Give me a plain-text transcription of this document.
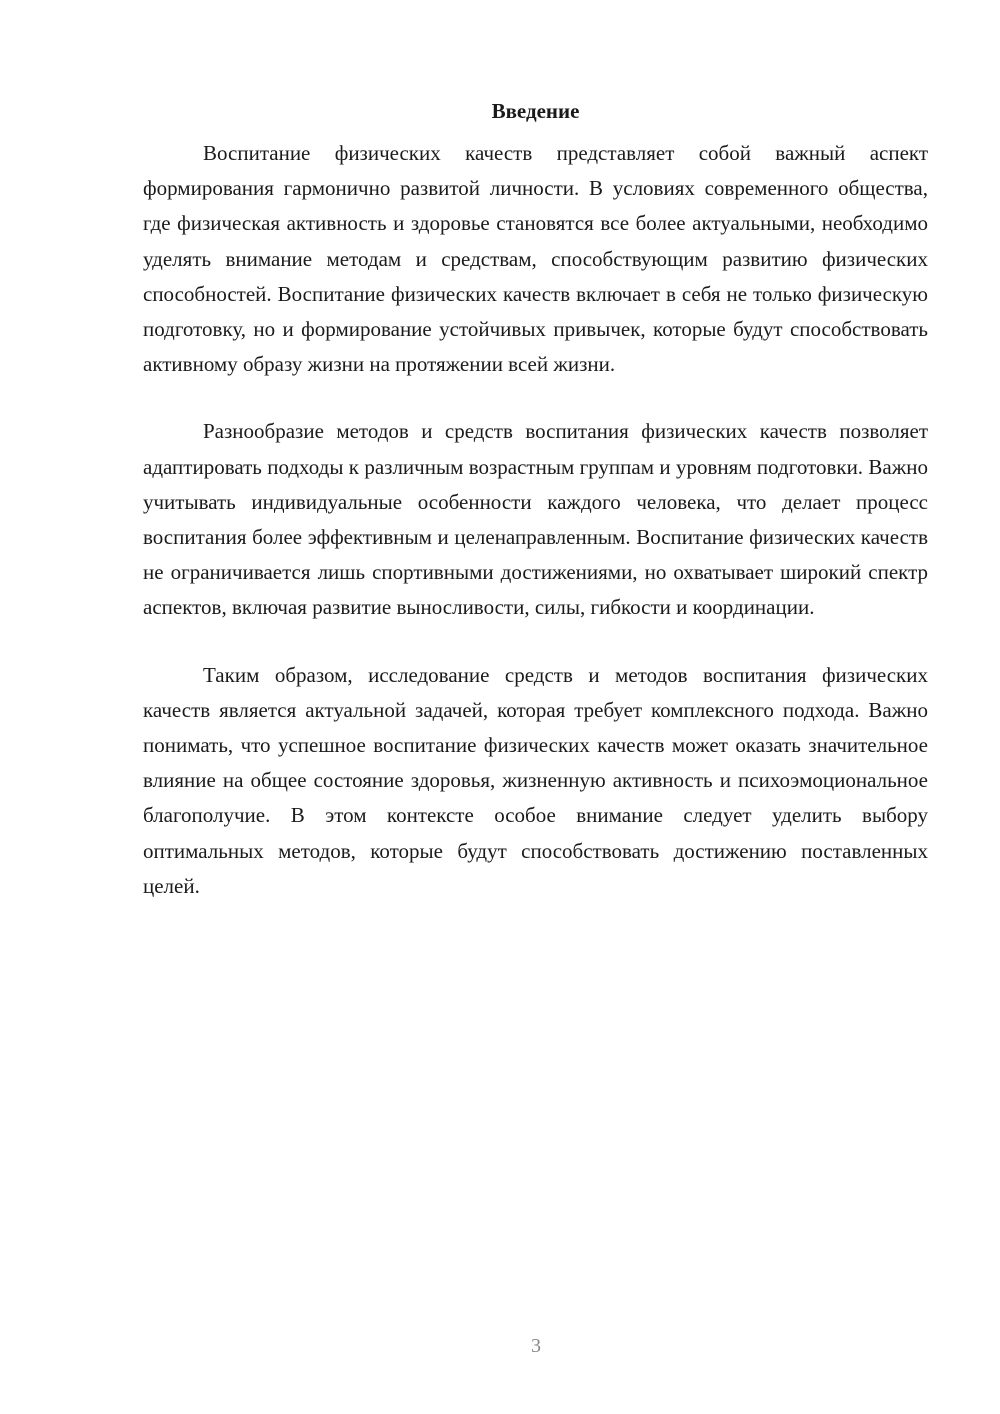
Введение

Воспитание физических качеств представляет собой важный аспект формирования гармонично развитой личности. В условиях современного общества, где физическая активность и здоровье становятся все более актуальными, необходимо уделять внимание методам и средствам, способствующим развитию физических способностей. Воспитание физических качеств включает в себя не только физическую подготовку, но и формирование устойчивых привычек, которые будут способствовать активному образу жизни на протяжении всей жизни.

Разнообразие методов и средств воспитания физических качеств позволяет адаптировать подходы к различным возрастным группам и уровням подготовки. Важно учитывать индивидуальные особенности каждого человека, что делает процесс воспитания более эффективным и целенаправленным. Воспитание физических качеств не ограничивается лишь спортивными достижениями, но охватывает широкий спектр аспектов, включая развитие выносливости, силы, гибкости и координации.

Таким образом, исследование средств и методов воспитания физических качеств является актуальной задачей, которая требует комплексного подхода. Важно понимать, что успешное воспитание физических качеств может оказать значительное влияние на общее состояние здоровья, жизненную активность и психоэмоциональное благополучие. В этом контексте особое внимание следует уделить выбору оптимальных методов, которые будут способствовать достижению поставленных целей.

3
